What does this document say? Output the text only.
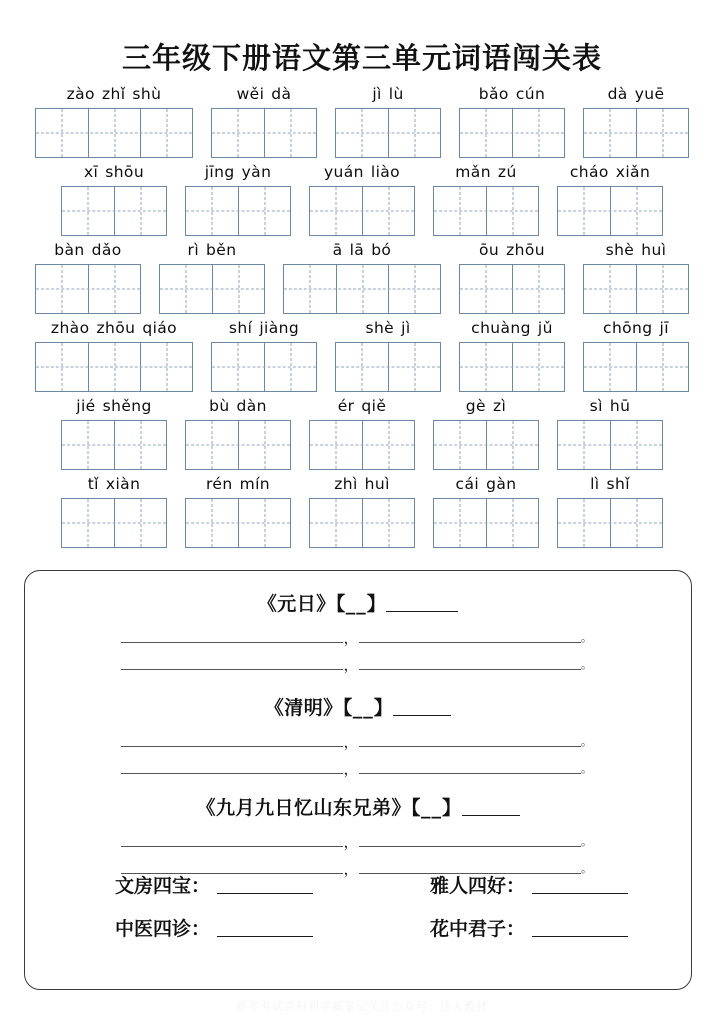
三年级下册语文第三单元词语闯关表
zào zhǐ shù	wěi dà	jì lù	bǎo cún	dà yuē
xī shōu	jīng yàn	yuán liào	mǎn zú	cháo xiǎn
bàn dǎo	rì běn	ā lā bó	ōu zhōu	shè huì
zhào zhōu qiáo	shí jiàng	shè jì	chuàng jǔ	chōng jī
jié shěng	bù dàn	ér qiě	gè zì	sì hū
tǐ xiàn	rén mín	zhì huì	cái gàn	lì shǐ
《元日》【__】
，	。
，	。
《清明》【__】
，	。
，	。
《九月九日忆山东兄弟》【__】
，	。
，	。
文房四宝：	雅人四好：
中医四诊：	花中君子：
更多考试资料和学霸笔记关注公众号：达人教材
